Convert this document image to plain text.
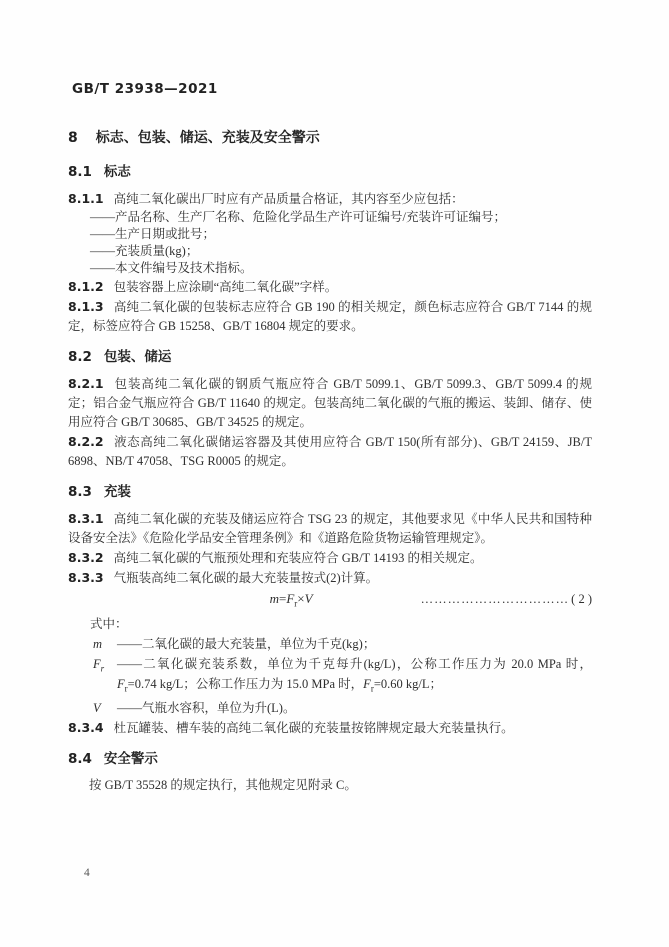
GB/T 23938—2021
8 标志、包装、储运、充装及安全警示
8.1 标志

8.1.1 高纯二氧化碳出厂时应有产品质量合格证，其内容至少应包括：

——产品名称、生产厂名称、危险化学品生产许可证编号/充装许可证编号；
——生产日期或批号；
——充装质量(kg)；
——本文件编号及技术指标。

8.1.2 包装容器上应涂刷“高纯二氧化碳”字样。

8.1.3 高纯二氧化碳的包装标志应符合 GB 190 的相关规定，颜色标志应符合 GB/T 7144 的规定，标签应符合 GB 15258、GB/T 16804 规定的要求。

8.2 包装、储运

8.2.1 包装高纯二氧化碳的钢质气瓶应符合 GB/T 5099.1、GB/T 5099.3、GB/T 5099.4 的规定；铝合金气瓶应符合 GB/T 11640 的规定。包装高纯二氧化碳的气瓶的搬运、装卸、储存、使用应符合 GB/T 30685、GB/T 34525 的规定。

8.2.2 液态高纯二氧化碳储运容器及其使用应符合 GB/T 150(所有部分)、GB/T 24159、JB/T 6898、NB/T 47058、TSG R0005 的规定。

8.3 充装

8.3.1 高纯二氧化碳的充装及储运应符合 TSG 23 的规定，其他要求见《中华人民共和国特种设备安全法》《危险化学品安全管理条例》和《道路危险货物运输管理规定》。

8.3.2 高纯二氧化碳的气瓶预处理和充装应符合 GB/T 14193 的相关规定。

8.3.3 气瓶装高纯二氧化碳的最大充装量按式(2)计算。

$m=F_r\times V$	…………………………… ( 2 )
式中：
m	——二氧化碳的最大充装量，单位为千克(kg)；
$F_r$	——二氧化碳充装系数，单位为千克每升(kg/L)，公称工作压力为 20.0 MPa 时，$F_r=0.74$ kg/L；公称工作压力为 15.0 MPa 时，$F_r=0.60$ kg/L；
V	——气瓶水容积，单位为升(L)。

8.3.4 杜瓦罐装、槽车装的高纯二氧化碳的充装量按铭牌规定最大充装量执行。

8.4 安全警示

按 GB/T 35528 的规定执行，其他规定见附录 C。

4
